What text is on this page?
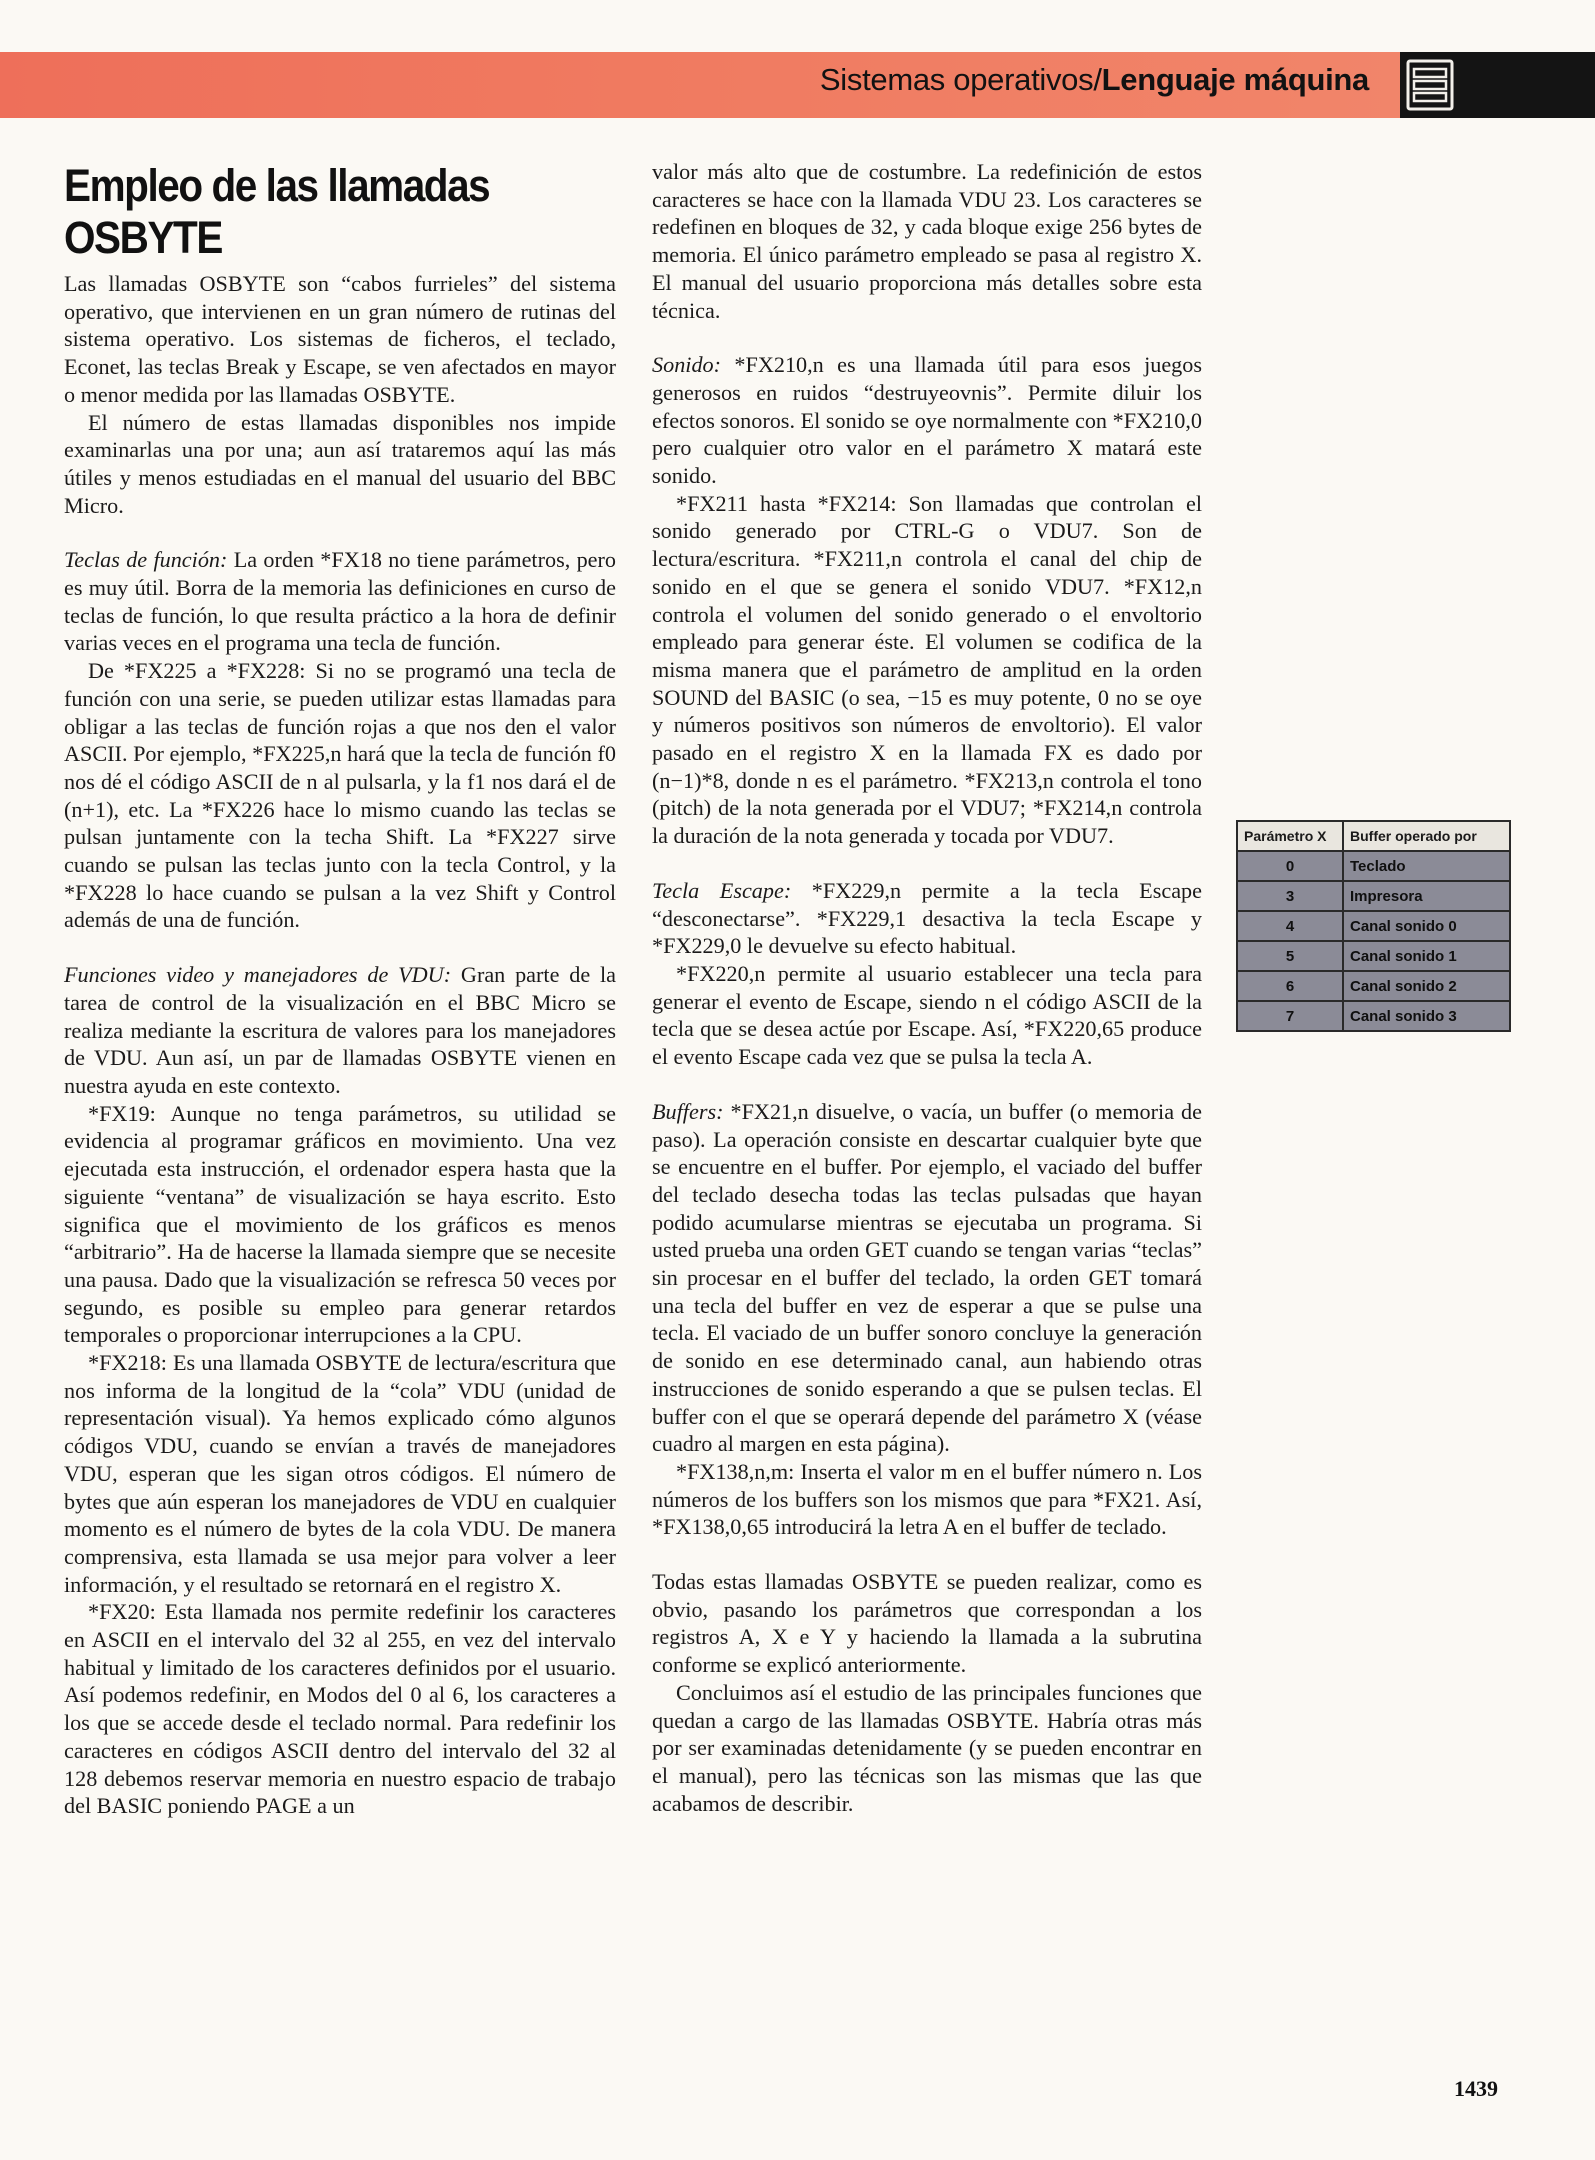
Sistemas operativos/Lenguaje máquina
Empleo de las llamadas OSBYTE

Las llamadas OSBYTE son “cabos furrieles” del sistema operativo, que intervienen en un gran número de rutinas del sistema operativo. Los sistemas de ficheros, el teclado, Econet, las teclas Break y Escape, se ven afectados en mayor o menor medida por las llamadas OSBYTE.

El número de estas llamadas disponibles nos impide examinarlas una por una; aun así trataremos aquí las más útiles y menos estudiadas en el manual del usuario del BBC Micro.

Teclas de función: La orden *FX18 no tiene parámetros, pero es muy útil. Borra de la memoria las definiciones en curso de teclas de función, lo que resulta práctico a la hora de definir varias veces en el programa una tecla de función.

De *FX225 a *FX228: Si no se programó una tecla de función con una serie, se pueden utilizar estas llamadas para obligar a las teclas de función rojas a que nos den el valor ASCII. Por ejemplo, *FX225,n hará que la tecla de función f0 nos dé el código ASCII de n al pulsarla, y la f1 nos dará el de (n+1), etc. La *FX226 hace lo mismo cuando las teclas se pulsan juntamente con la techa Shift. La *FX227 sirve cuando se pulsan las teclas junto con la tecla Control, y la *FX228 lo hace cuando se pulsan a la vez Shift y Control además de una de función.

Funciones video y manejadores de VDU: Gran parte de la tarea de control de la visualización en el BBC Micro se realiza mediante la escritura de valores para los manejadores de VDU. Aun así, un par de llamadas OSBYTE vienen en nuestra ayuda en este contexto.

*FX19: Aunque no tenga parámetros, su utilidad se evidencia al programar gráficos en movimiento. Una vez ejecutada esta instrucción, el ordenador espera hasta que la siguiente “ventana” de visualización se haya escrito. Esto significa que el movimiento de los gráficos es menos “arbitrario”. Ha de hacerse la llamada siempre que se necesite una pausa. Dado que la visualización se refresca 50 veces por segundo, es posible su empleo para generar retardos temporales o proporcionar interrupciones a la CPU.

*FX218: Es una llamada OSBYTE de lectura/escritura que nos informa de la longitud de la “cola” VDU (unidad de representación visual). Ya hemos explicado cómo algunos códigos VDU, cuando se envían a través de manejadores VDU, esperan que les sigan otros códigos. El número de bytes que aún esperan los manejadores de VDU en cualquier momento es el número de bytes de la cola VDU. De manera comprensiva, esta llamada se usa mejor para volver a leer información, y el resultado se retornará en el registro X.

*FX20: Esta llamada nos permite redefinir los caracteres en ASCII en el intervalo del 32 al 255, en vez del intervalo habitual y limitado de los caracteres definidos por el usuario. Así podemos redefinir, en Modos del 0 al 6, los caracteres a los que se accede desde el teclado normal. Para redefinir los caracteres en códigos ASCII dentro del intervalo del 32 al 128 debemos reservar memoria en nuestro espacio de trabajo del BASIC poniendo PAGE a un

valor más alto que de costumbre. La redefinición de estos caracteres se hace con la llamada VDU 23. Los caracteres se redefinen en bloques de 32, y cada bloque exige 256 bytes de memoria. El único parámetro empleado se pasa al registro X. El manual del usuario proporciona más detalles sobre esta técnica.

Sonido: *FX210,n es una llamada útil para esos juegos generosos en ruidos “destruyeovnis”. Permite diluir los efectos sonoros. El sonido se oye normalmente con *FX210,0 pero cualquier otro valor en el parámetro X matará este sonido.

*FX211 hasta *FX214: Son llamadas que controlan el sonido generado por CTRL-G o VDU7. Son de lectura/escritura. *FX211,n controla el canal del chip de sonido en el que se genera el sonido VDU7. *FX12,n controla el volumen del sonido generado o el envoltorio empleado para generar éste. El volumen se codifica de la misma manera que el parámetro de amplitud en la orden SOUND del BASIC (o sea, −15 es muy potente, 0 no se oye y números positivos son números de envoltorio). El valor pasado en el registro X en la llamada FX es dado por (n−1)*8, donde n es el parámetro. *FX213,n controla el tono (pitch) de la nota generada por el VDU7; *FX214,n controla la duración de la nota generada y tocada por VDU7.

Tecla Escape: *FX229,n permite a la tecla Escape “desconectarse”. *FX229,1 desactiva la tecla Escape y *FX229,0 le devuelve su efecto habitual.

*FX220,n permite al usuario establecer una tecla para generar el evento de Escape, siendo n el código ASCII de la tecla que se desea actúe por Escape. Así, *FX220,65 produce el evento Escape cada vez que se pulsa la tecla A.

Buffers: *FX21,n disuelve, o vacía, un buffer (o memoria de paso). La operación consiste en descartar cualquier byte que se encuentre en el buffer. Por ejemplo, el vaciado del buffer del teclado desecha todas las teclas pulsadas que hayan podido acumularse mientras se ejecutaba un programa. Si usted prueba una orden GET cuando se tengan varias “teclas” sin procesar en el buffer del teclado, la orden GET tomará una tecla del buffer en vez de esperar a que se pulse una tecla. El vaciado de un buffer sonoro concluye la generación de sonido en ese determinado canal, aun habiendo otras instrucciones de sonido esperando a que se pulsen teclas. El buffer con el que se operará depende del parámetro X (véase cuadro al margen en esta página).

*FX138,n,m: Inserta el valor m en el buffer número n. Los números de los buffers son los mismos que para *FX21. Así, *FX138,0,65 introducirá la letra A en el buffer de teclado.

Todas estas llamadas OSBYTE se pueden realizar, como es obvio, pasando los parámetros que correspondan a los registros A, X e Y y haciendo la llamada a la subrutina conforme se explicó anteriormente.

Concluimos así el estudio de las principales funciones que quedan a cargo de las llamadas OSBYTE. Habría otras más por ser examinadas detenidamente (y se pueden encontrar en el manual), pero las técnicas son las mismas que las que acabamos de describir.

Parámetro X	Buffer operado por
0	Teclado
3	Impresora
4	Canal sonido 0
5	Canal sonido 1
6	Canal sonido 2
7	Canal sonido 3
1439
